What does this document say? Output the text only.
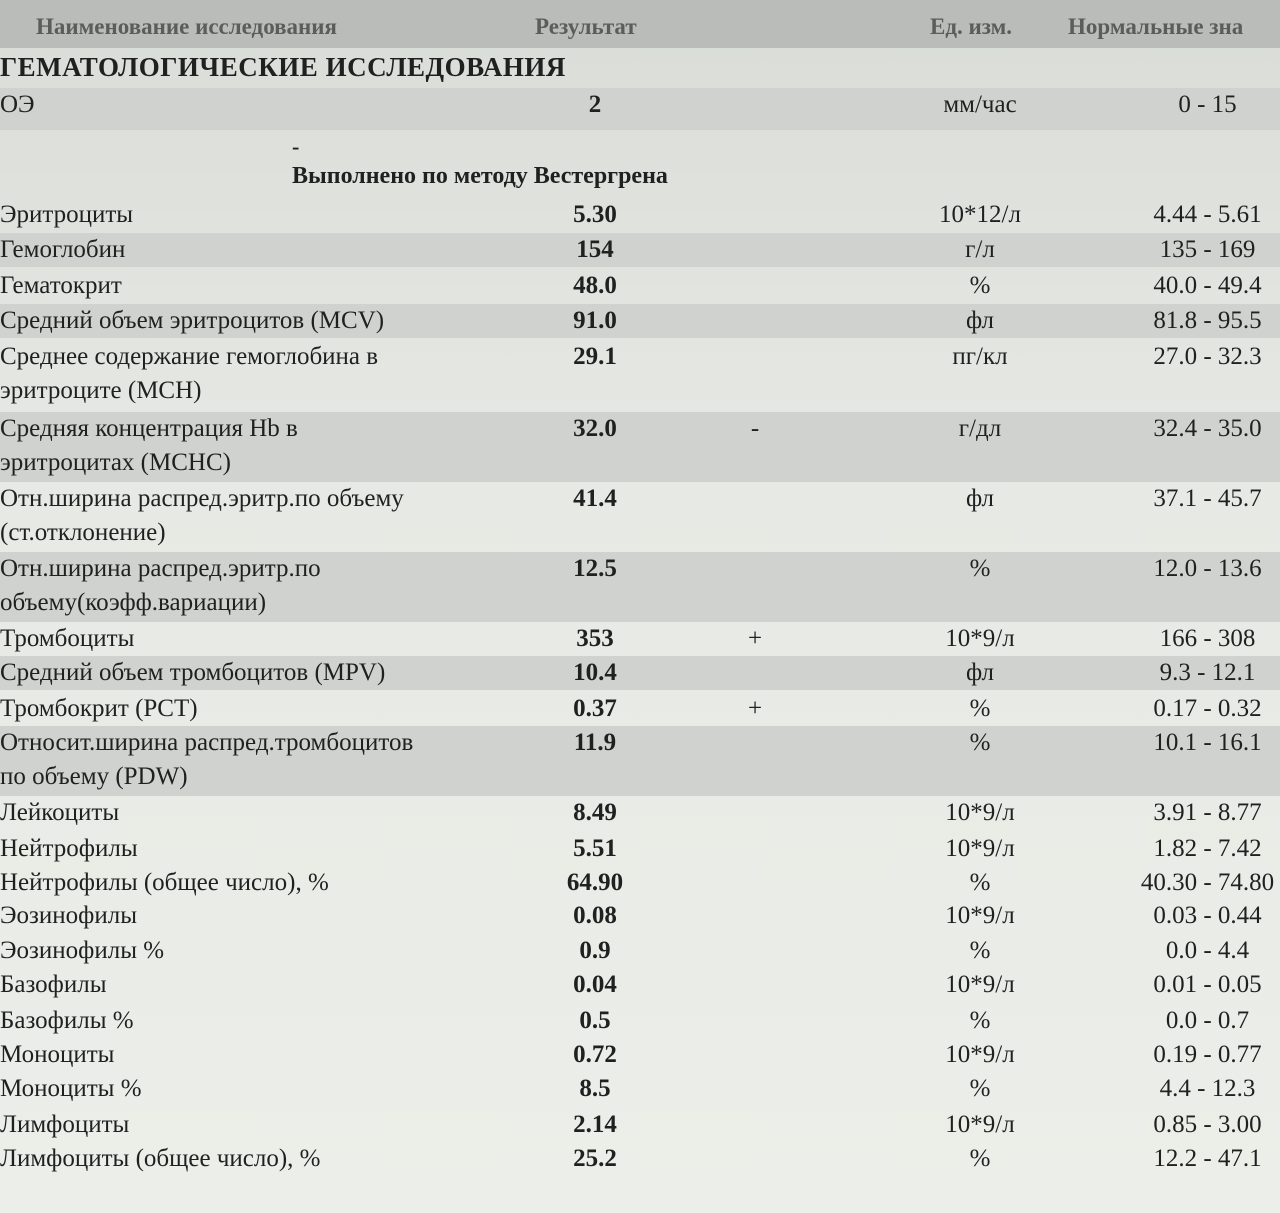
Наименование исследования	Результат	Ед. изм. Нормальные зна
ГЕМАТОЛОГИЧЕСКИЕ ИССЛЕДОВАНИЯ
-
Выполнено по методу Вестергрена
ОЭ	2	мм/час	0 - 15
Эритроциты	5.30	10*12/л	4.44 - 5.61
Гемоглобин	154	г/л	135 - 169
Гематокрит	48.0	%	40.0 - 49.4
Средний объем эритроцитов (MCV)	91.0	фл	81.8 - 95.5
Среднее содержание гемоглобина в
эритроците (MCH)
29.1	пг/кл	27.0 - 32.3
Средняя концентрация Hb в
эритроцитах (MCHC)
32.0	-	г/дл	32.4 - 35.0
Отн.ширина распред.эритр.по объему
(ст.отклонение)
41.4	фл	37.1 - 45.7
Отн.ширина распред.эритр.по
объему(коэфф.вариации)
12.5	%	12.0 - 13.6
Тромбоциты	353	+	10*9/л	166 - 308
Средний объем тромбоцитов (MPV)	10.4	фл	9.3 - 12.1
Тромбокрит (PCT)	0.37	+	%	0.17 - 0.32
Относит.ширина распред.тромбоцитов
по объему (PDW)
11.9	%	10.1 - 16.1
Лейкоциты	8.49	10*9/л	3.91 - 8.77
Нейтрофилы	5.51	10*9/л	1.82 - 7.42
Нейтрофилы (общее число), %	64.90	%	40.30 - 74.80
Эозинофилы	0.08	10*9/л	0.03 - 0.44
Эозинофилы %	0.9	%	0.0 - 4.4
Базофилы	0.04	10*9/л	0.01 - 0.05
Базофилы %	0.5	%	0.0 - 0.7
Моноциты	0.72	10*9/л	0.19 - 0.77
Моноциты %	8.5	%	4.4 - 12.3
Лимфоциты	2.14	10*9/л	0.85 - 3.00
Лимфоциты (общее число), %	25.2	%	12.2 - 47.1
